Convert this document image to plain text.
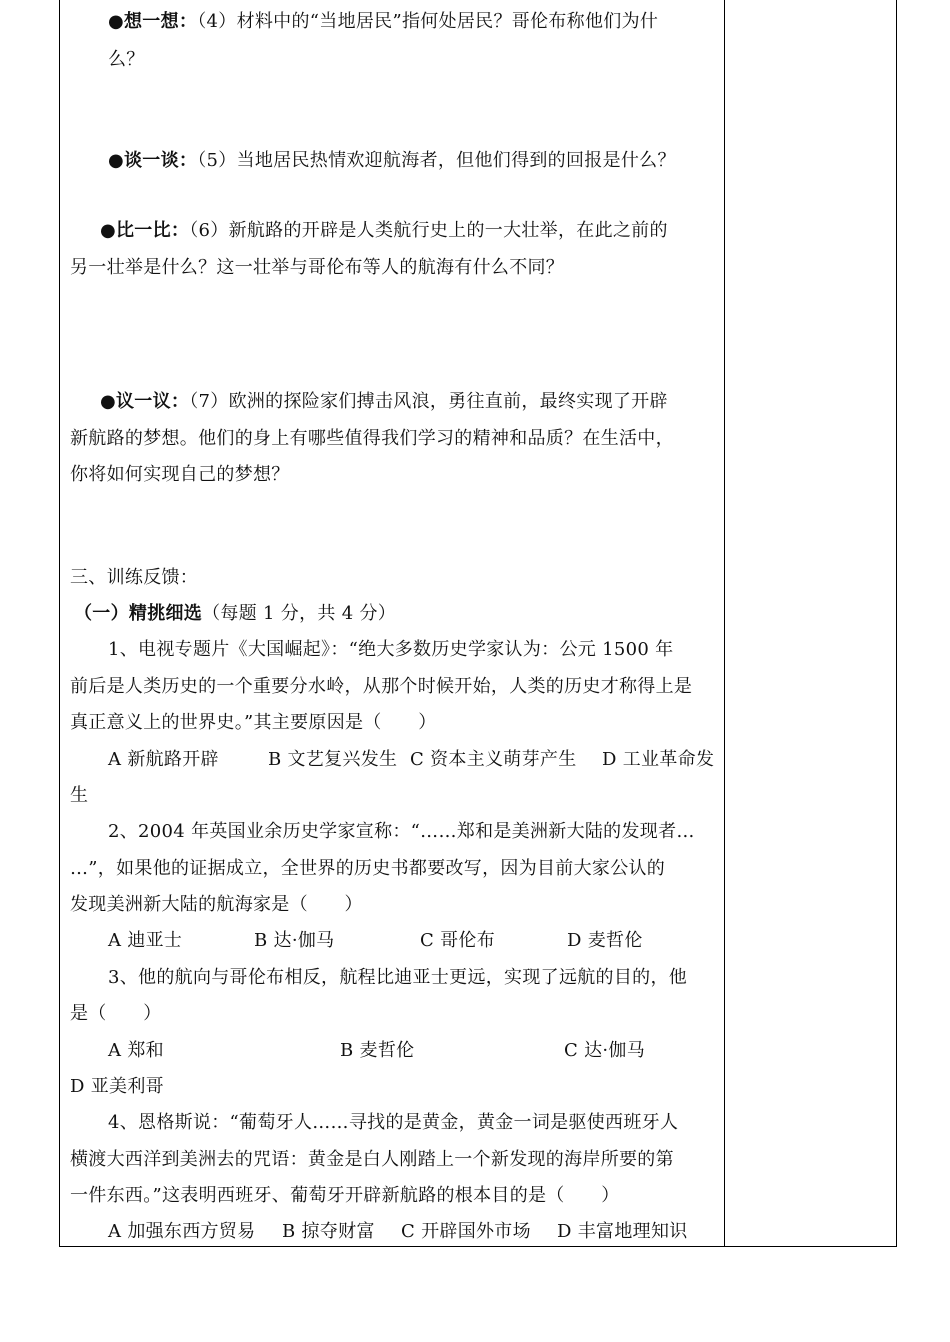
●想一想：（4）材料中的“当地居民”指何处居民？哥伦布称他们为什
么？
●谈一谈：（5）当地居民热情欢迎航海者，但他们得到的回报是什么？
●比一比：（6）新航路的开辟是人类航行史上的一大壮举，在此之前的
另一壮举是什么？这一壮举与哥伦布等人的航海有什么不同？
●议一议：（7）欧洲的探险家们搏击风浪，勇往直前，最终实现了开辟
新航路的梦想。他们的身上有哪些值得我们学习的精神和品质？在生活中，
你将如何实现自己的梦想？
三、训练反馈：
（一）精挑细选（每题 1 分，共 4 分）
1、电视专题片《大国崛起》：“绝大多数历史学家认为：公元 1500 年
前后是人类历史的一个重要分水岭，从那个时候开始，人类的历史才称得上是
真正意义上的世界史。”其主要原因是（　　）
A 新航路开辟	B 文艺复兴发生 C 资本主义萌芽产生 D 工业革命发
生
2、2004 年英国业余历史学家宣称：“……郑和是美洲新大陆的发现者…
…”，如果他的证据成立，全世界的历史书都要改写，因为目前大家公认的
发现美洲新大陆的航海家是（　　）
A 迪亚士	B 达·伽马	C 哥伦布	D 麦哲伦
3、他的航向与哥伦布相反，航程比迪亚士更远，实现了远航的目的，他
是（　　）
A 郑和	B 麦哲伦	C 达·伽马
D 亚美利哥
4、恩格斯说：“葡萄牙人……寻找的是黄金，黄金一词是驱使西班牙人
横渡大西洋到美洲去的咒语：黄金是白人刚踏上一个新发现的海岸所要的第
一件东西。”这表明西班牙、葡萄牙开辟新航路的根本目的是（　　）
A 加强东西方贸易 B 掠夺财富 C 开辟国外市场 D 丰富地理知识
